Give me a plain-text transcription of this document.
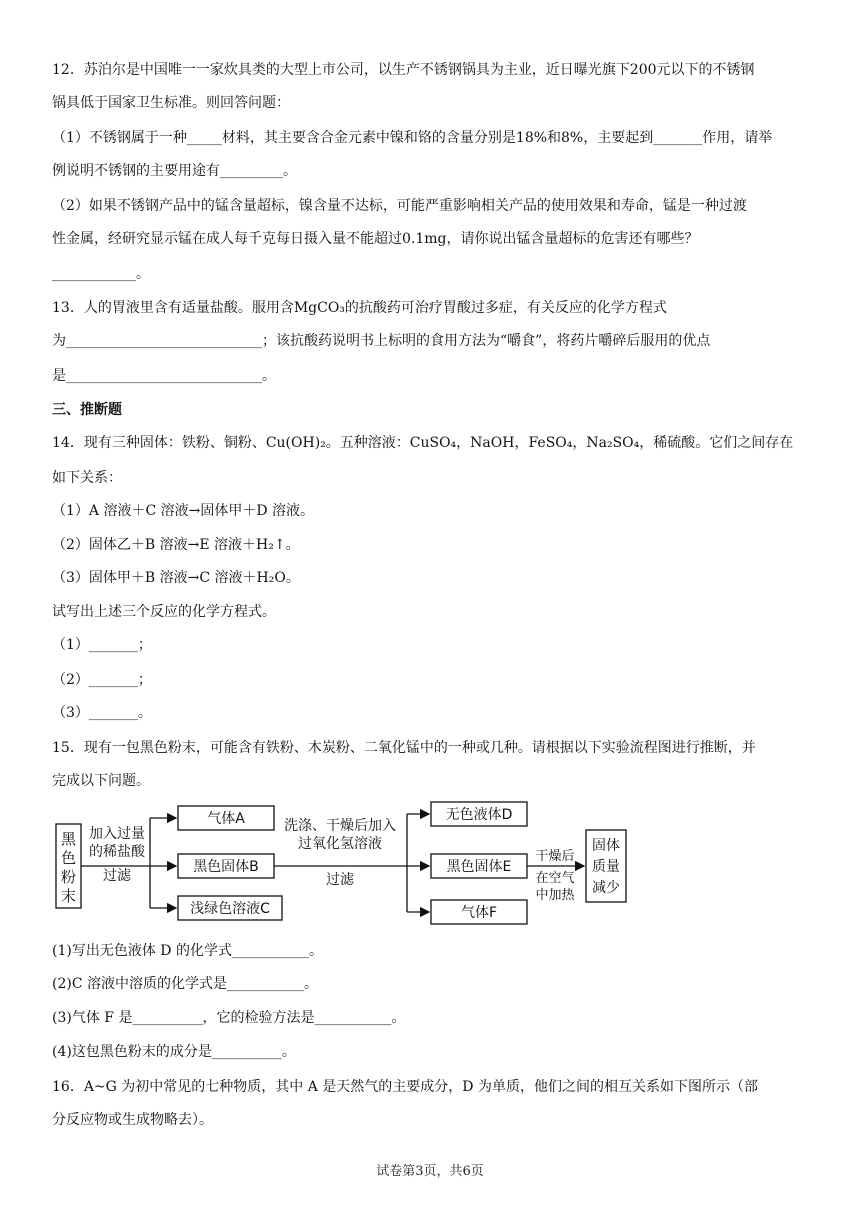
12．苏泊尔是中国唯一一家炊具类的大型上市公司，以生产不锈钢锅具为主业，近日曝光旗下200元以下的不锈钢
锅具低于国家卫生标准。则回答问题：
（1）不锈钢属于一种_____材料，其主要含合金元素中镍和铬的含量分别是18%和8%，主要起到_______作用，请举
例说明不锈钢的主要用途有_________。
（2）如果不锈钢产品中的锰含量超标，镍含量不达标，可能严重影响相关产品的使用效果和寿命，锰是一种过渡
性金属，经研究显示锰在成人每千克每日摄入量不能超过0.1mg，请你说出锰含量超标的危害还有哪些？
____________。
13．人的胃液里含有适量盐酸。服用含MgCO₃的抗酸药可治疗胃酸过多症，有关反应的化学方程式
为____________________________；该抗酸药说明书上标明的食用方法为“嚼食”，将药片嚼碎后服用的优点
是____________________________。
三、推断题
14．现有三种固体：铁粉、铜粉、Cu(OH)₂。五种溶液：CuSO₄，NaOH，FeSO₄，Na₂SO₄，稀硫酸。它们之间存在
如下关系：
（1）A 溶液＋C 溶液→固体甲＋D 溶液。
（2）固体乙＋B 溶液→E 溶液＋H₂↑。
（3）固体甲＋B 溶液→C 溶液＋H₂O。
试写出上述三个反应的化学方程式。
（1）_______；
（2）_______；
（3）_______。
15．现有一包黑色粉末，可能含有铁粉、木炭粉、二氧化锰中的一种或几种。请根据以下实验流程图进行推断，并
完成以下问题。
黑
色
粉
末
加入过量
的稀盐酸
过滤
气体A
黑色固体B
浅绿色溶液C
洗涤、干燥后加入
过氧化氢溶液
过滤
无色液体D
黑色固体E
气体F
干燥后
在空气
中加热
固体
质量
减少
(1)写出无色液体 D 的化学式___________。
(2)C 溶液中溶质的化学式是___________。
(3)气体 F 是__________，它的检验方法是___________。
(4)这包黑色粉末的成分是__________。
16．A~G 为初中常见的七种物质，其中 A 是天然气的主要成分，D 为单质，他们之间的相互关系如下图所示（部
分反应物或生成物略去）。
试卷第3页，共6页
